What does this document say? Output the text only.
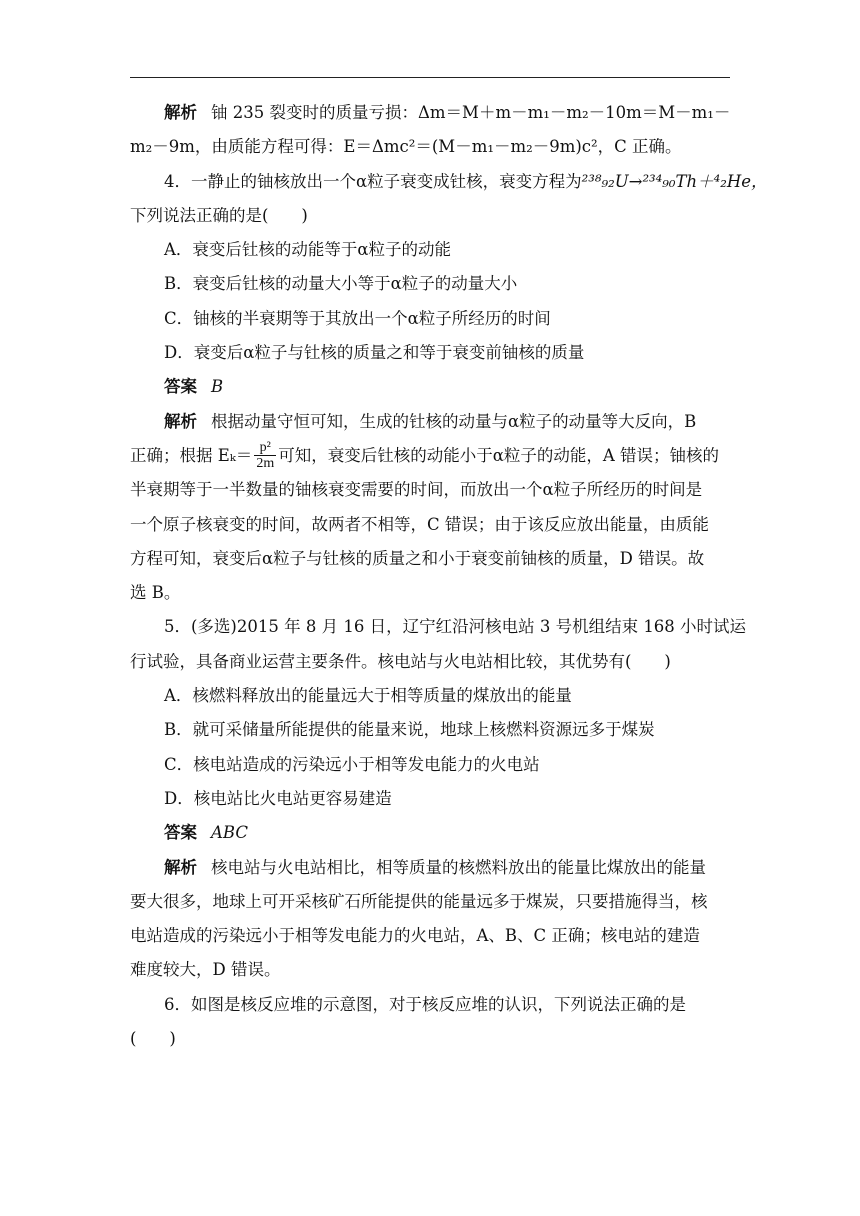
解析 铀 235 裂变时的质量亏损：Δm＝M＋m－m₁－m₂－10m＝M－m₁－
m₂－9m，由质能方程可得：E＝Δmc²＝(M－m₁－m₂－9m)c²，C 正确。
4．一静止的铀核放出一个α粒子衰变成钍核，衰变方程为²³⁸₉₂U→²³⁴₉₀Th＋⁴₂He，
下列说法正确的是(　　)
A．衰变后钍核的动能等于α粒子的动能
B．衰变后钍核的动量大小等于α粒子的动量大小
C．铀核的半衰期等于其放出一个α粒子所经历的时间
D．衰变后α粒子与钍核的质量之和等于衰变前铀核的质量
答案 B
解析 根据动量守恒可知，生成的钍核的动量与α粒子的动量等大反向，B
正确；根据 $E_k= \frac{\text{p²}}{2m}$ 可知，衰变后钍核的动能小于α粒子的动能，A 错误；铀核的
半衰期等于一半数量的铀核衰变需要的时间，而放出一个α粒子所经历的时间是
一个原子核衰变的时间，故两者不相等，C 错误；由于该反应放出能量，由质能
方程可知，衰变后α粒子与钍核的质量之和小于衰变前铀核的质量，D 错误。故
选 B。
5．(多选)2015 年 8 月 16 日，辽宁红沿河核电站 3 号机组结束 168 小时试运
行试验，具备商业运营主要条件。核电站与火电站相比较，其优势有(　　)
A．核燃料释放出的能量远大于相等质量的煤放出的能量
B．就可采储量所能提供的能量来说，地球上核燃料资源远多于煤炭
C．核电站造成的污染远小于相等发电能力的火电站
D．核电站比火电站更容易建造
答案 ABC
解析 核电站与火电站相比，相等质量的核燃料放出的能量比煤放出的能量
要大很多，地球上可开采核矿石所能提供的能量远多于煤炭，只要措施得当，核
电站造成的污染远小于相等发电能力的火电站，A、B、C 正确；核电站的建造
难度较大，D 错误。
6．如图是核反应堆的示意图，对于核反应堆的认识，下列说法正确的是
(　　)
